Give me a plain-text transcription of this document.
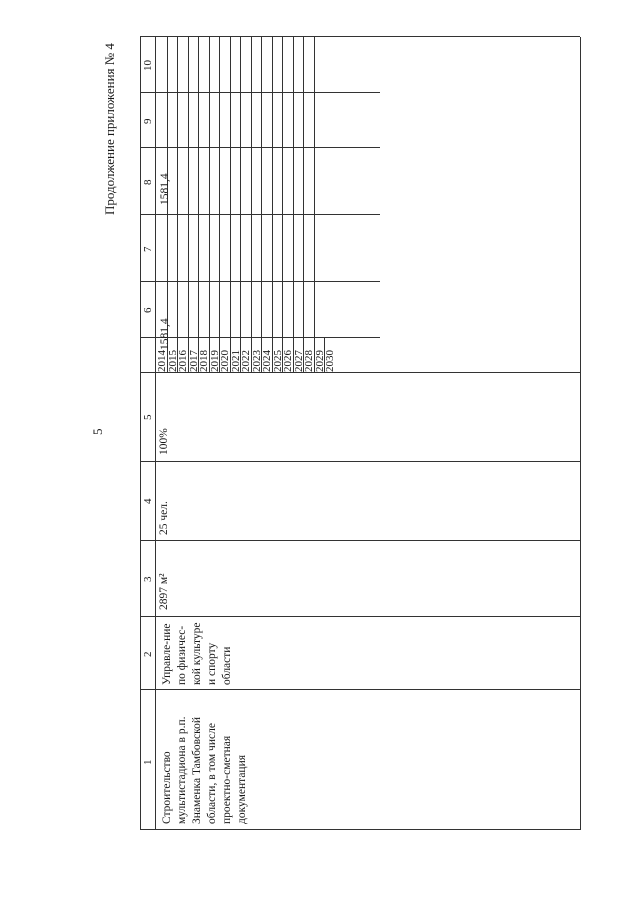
5
Продолжение приложения № 4
1
2
3
4
5
6
7
8
9
10
Строительство мультистадиона в р.п. Знаменка Тамбовской области, в том числе проектно-сметная документация
Управле-ние по физичес-кой культуре и спорту области
2897 м²
25 чел.
100%
1581,4
1581,4
2014
2015
2016
2017
2018
2019
2020
2021
2022
2023
2024
2025
2026
2027
2028
2029
2030
